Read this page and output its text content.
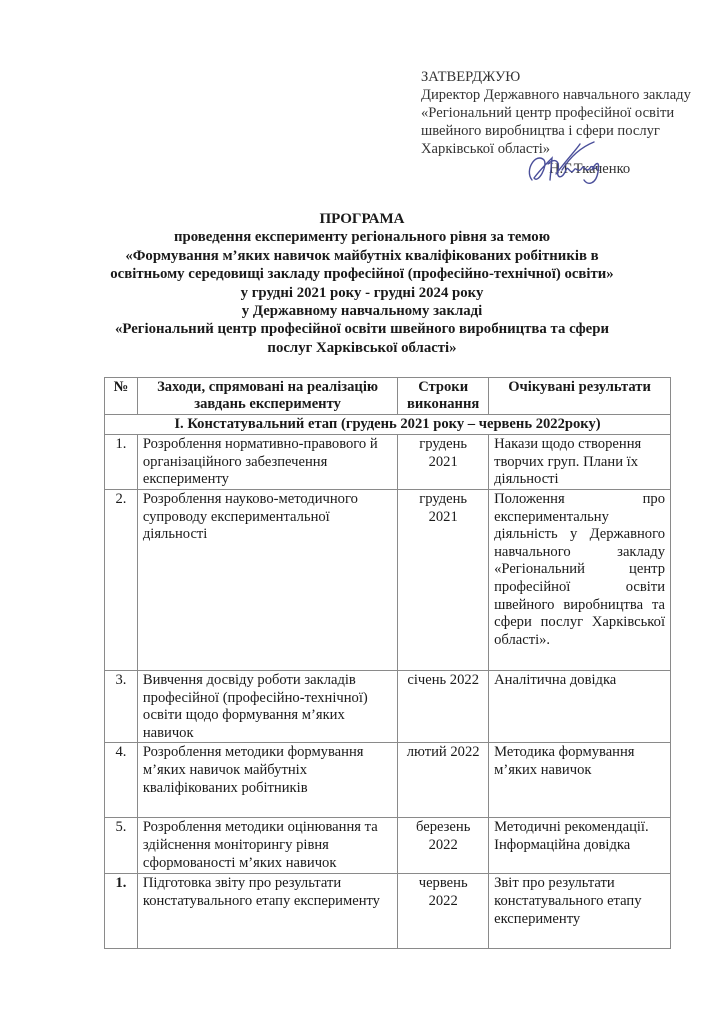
ЗАТВЕРДЖУЮ
Директор Державного навчального закладу
«Регіональний центр професійної освіти
швейного виробництва і сфери послуг
Харківської області»
Н.Г.Ткаченко
ПРОГРАМА
проведення експерименту регіонального рівня за темою
«Формування м’яких навичок майбутніх кваліфікованих робітників в
освітньому середовищі закладу професійної (професійно-технічної) освіти»
у грудні 2021 року - грудні 2024 року
у Державному навчальному закладі
«Регіональний центр професійної освіти швейного виробництва та сфери
послуг Харківської області»
№	Заходи, спрямовані на реалізацію завдань експерименту	Строки виконання	Очікувані результати
І. Констатувальний етап (грудень 2021 року – червень 2022року)			
1.	Розроблення нормативно-правового й організаційного забезпечення експерименту	грудень 2021	Накази щодо створення творчих груп. Плани їх діяльності
2.	Розроблення науково-методичного супроводу експериментальної діяльності	грудень 2021	Положення про експериментальну діяльність у Державного навчального закладу «Регіональний центр професійної освіти швейного виробництва та сфери послуг Харківської області».
3.	Вивчення досвіду роботи закладів професійної (професійно-технічної) освіти щодо формування м’яких навичок	січень 2022	Аналітична довідка
4.	Розроблення методики формування м’яких навичок майбутніх кваліфікованих робітників	лютий 2022	Методика формування м’яких навичок
5.	Розроблення методики оцінювання та здійснення моніторингу рівня сформованості м’яких навичок	березень 2022	Методичні рекомендації. Інформаційна довідка
1.	Підготовка звіту про результати констатувального етапу експерименту	червень 2022	Звіт про результати констатувального етапу експерименту
